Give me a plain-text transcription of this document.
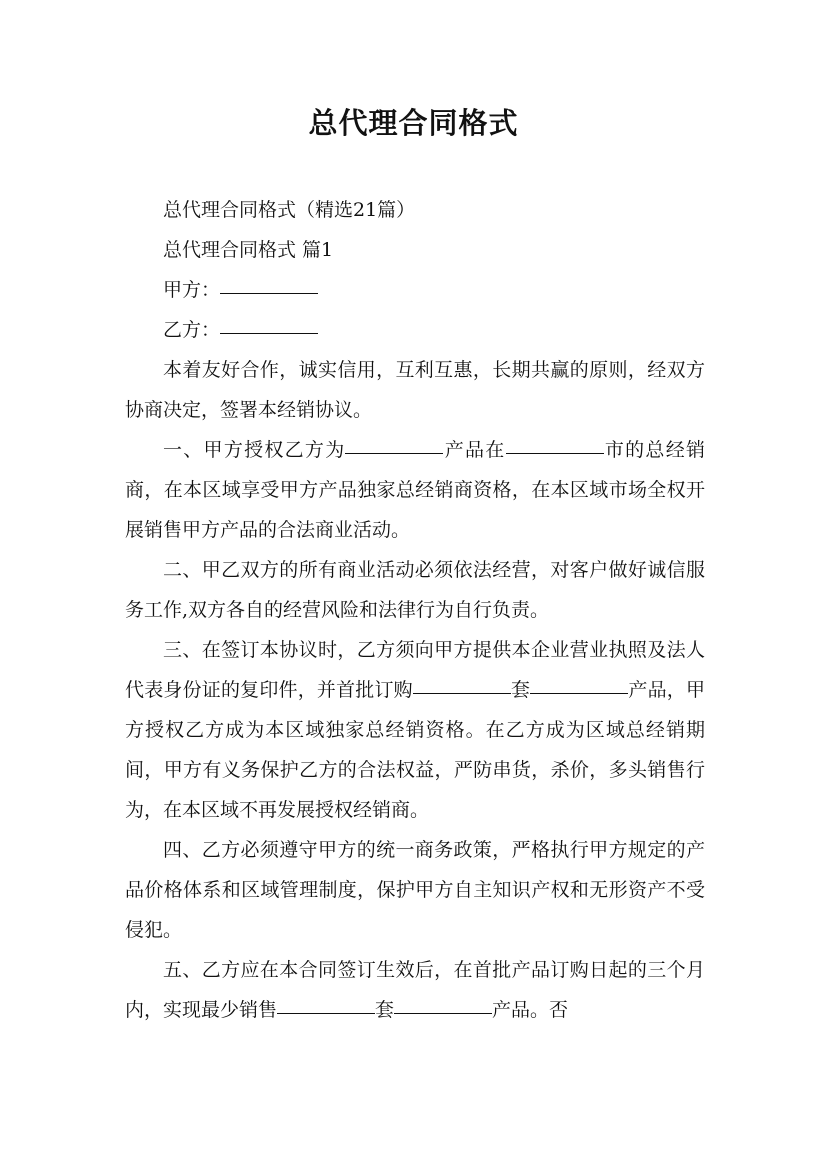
总代理合同格式
总代理合同格式（精选21篇）
总代理合同格式 篇1
甲方：
乙方：
本着友好合作，诚实信用，互利互惠，长期共赢的原则，经双方协商决定，签署本经销协议。
一、甲方授权乙方为	产品在	市的总经销商，在本区域享受甲方产品独家总经销商资格，在本区域市场全权开展销售甲方产品的合法商业活动。
二、甲乙双方的所有商业活动必须依法经营，对客户做好诚信服务工作,双方各自的经营风险和法律行为自行负责。
三、在签订本协议时，乙方须向甲方提供本企业营业执照及法人代表身份证的复印件，并首批订购	套	产品，甲方授权乙方成为本区域独家总经销资格。在乙方成为区域总经销期间，甲方有义务保护乙方的合法权益，严防串货，杀价，多头销售行为，在本区域不再发展授权经销商。
四、乙方必须遵守甲方的统一商务政策，严格执行甲方规定的产品价格体系和区域管理制度，保护甲方自主知识产权和无形资产不受侵犯。
五、乙方应在本合同签订生效后，在首批产品订购日起的三个月内，实现最少销售	套	产品。否
